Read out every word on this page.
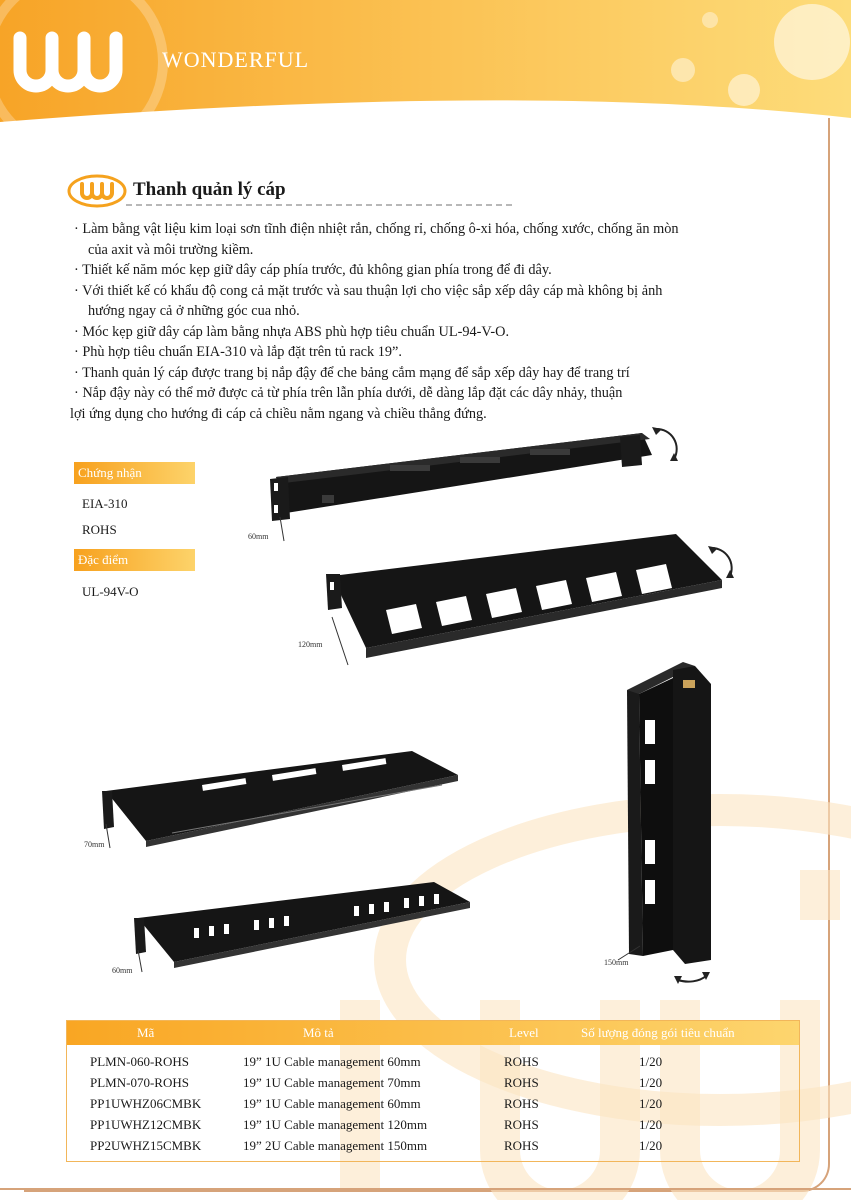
WONDERFUL
Thanh quản lý cáp
· Làm bằng vật liệu kim loại sơn tĩnh điện nhiệt rắn, chống rỉ, chống ô-xi hóa, chống xước, chống ăn mòn
của axit và môi trường kiềm.
· Thiết kế năm móc kẹp giữ dây cáp phía trước, đủ không gian phía trong để đi dây.
· Với thiết kế có khẩu độ cong cả mặt trước và sau thuận lợi cho việc sắp xếp dây cáp mà không bị ảnh
hướng ngay cả ở những góc cua nhỏ.
· Móc kẹp giữ dây cáp làm bằng nhựa ABS phù hợp tiêu chuẩn UL-94-V-O.
· Phù hợp tiêu chuẩn EIA-310 và lắp đặt trên tủ rack 19”.
· Thanh quản lý cáp được trang bị nắp đậy để che bảng cắm mạng để sắp xếp dây hay để trang trí
· Nắp đậy này có thể mở được cả từ phía trên lẫn phía dưới, dễ dàng lắp đặt các dây nhảy, thuận
lợi ứng dụng cho hướng đi cáp cả chiều nằm ngang và chiều thẳng đứng.
Chứng nhận
EIA-310
ROHS
Đặc điểm
UL-94V-O
60mm
120mm
70mm
60mm
150mm
Mã	Mô tả	Level	Số lượng đóng gói tiêu chuẩn
PLMN-060-ROHS	19” 1U Cable management 60mm	ROHS	1/20
PLMN-070-ROHS	19” 1U Cable management 70mm	ROHS	1/20
PP1UWHZ06CMBK	19” 1U Cable management 60mm	ROHS	1/20
PP1UWHZ12CMBK	19” 1U Cable management 120mm	ROHS	1/20
PP2UWHZ15CMBK	19” 2U Cable management 150mm	ROHS	1/20
